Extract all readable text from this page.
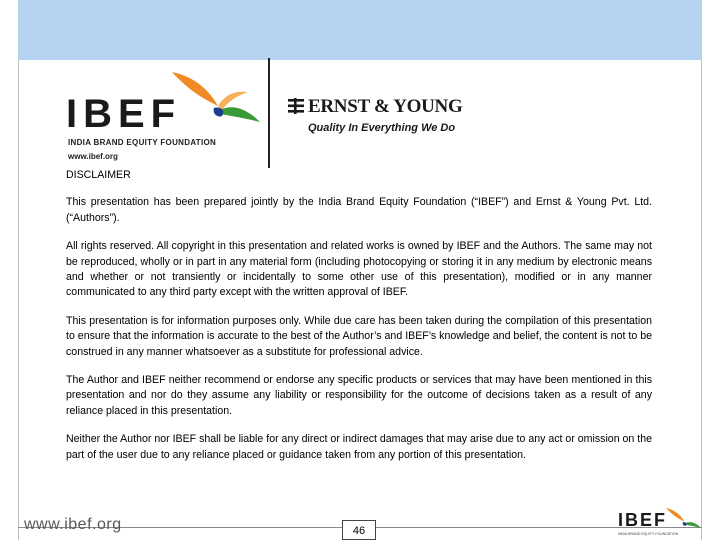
IBEF
INDIA BRAND EQUITY FOUNDATION
www.ibef.org
ERNST & YOUNG
Quality In Everything We Do
DISCLAIMER

This presentation has been prepared jointly by the India Brand Equity Foundation (“IBEF”) and Ernst & Young Pvt. Ltd. (“Authors”).

All rights reserved. All copyright in this presentation and related works is owned by IBEF and the Authors. The same may not be reproduced, wholly or in part in any material form (including photocopying or storing it in any medium by electronic means and whether or not transiently or incidentally to some other use of this presentation), modified or in any manner communicated to any third party except with the written approval of IBEF.

This presentation is for information purposes only. While due care has been taken during the compilation of this presentation to ensure that the information is accurate to the best of the Author’s and IBEF’s knowledge and belief, the content is not to be construed in any manner whatsoever as a substitute for professional advice.

The Author and IBEF neither recommend or endorse any specific products or services that may have been mentioned in this presentation and nor do they assume any liability or responsibility for the outcome of decisions taken as a result of any reliance placed in this presentation.

Neither the Author nor IBEF shall be liable for any direct or indirect damages that may arise due to any act or omission on the part of the user due to any reliance placed or guidance taken from any portion of this presentation.

www.ibef.org	46
IBEF
INDIA BRAND EQUITY FOUNDATION
